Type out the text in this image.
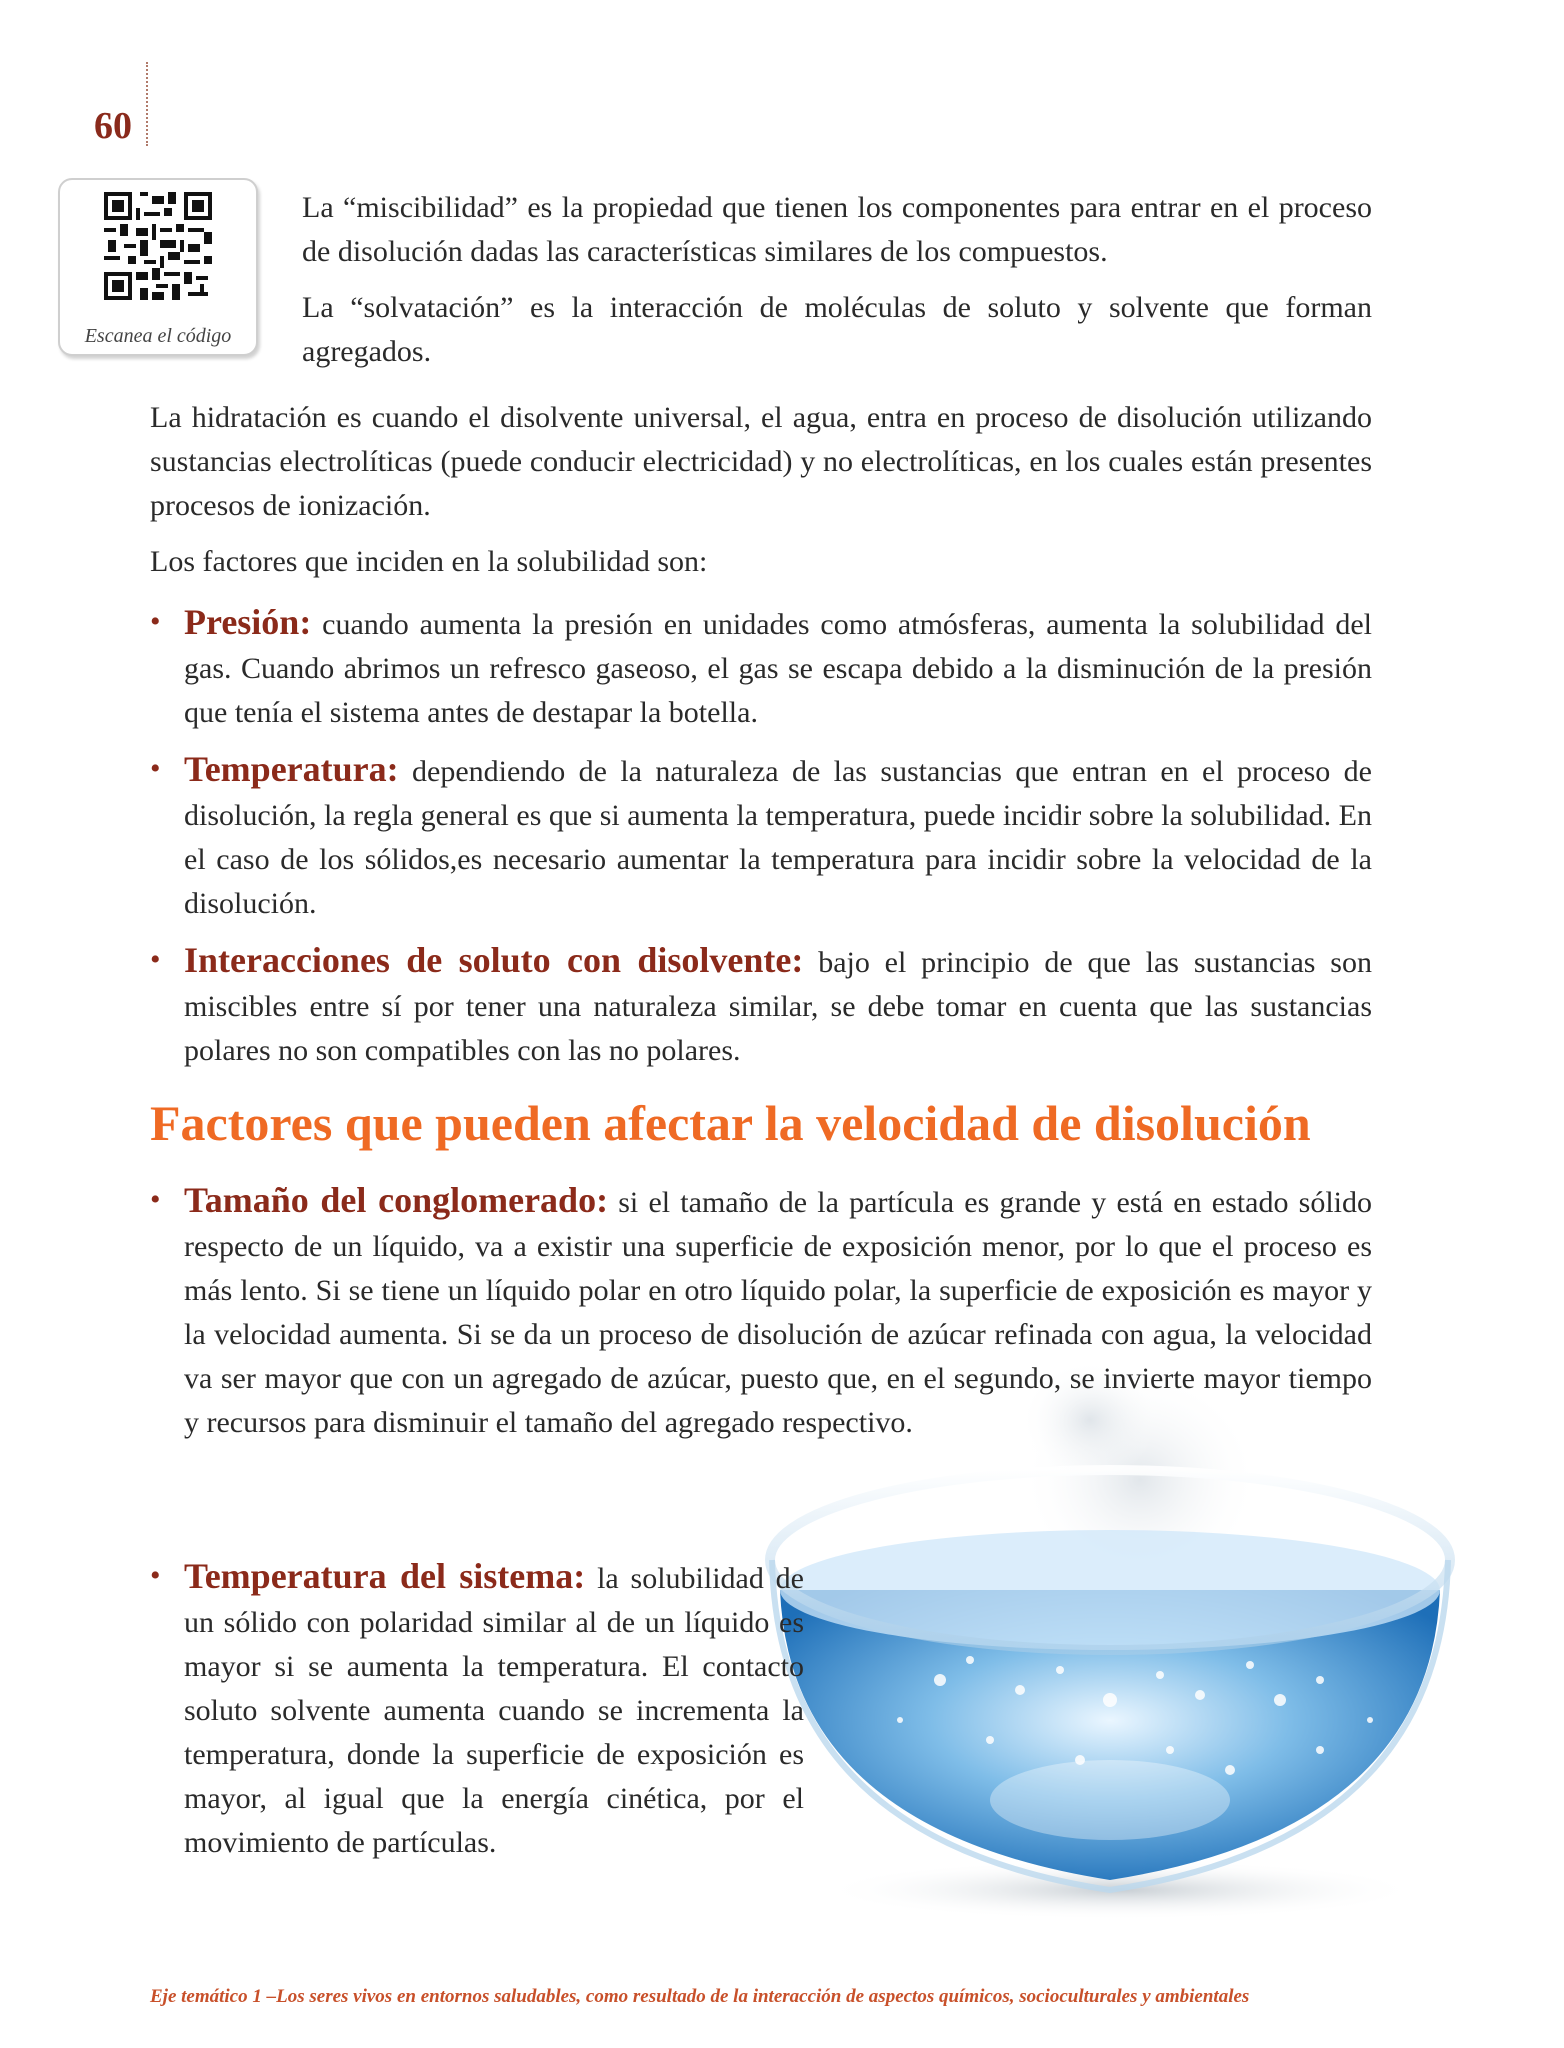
60
Escanea el código

La “miscibilidad” es la propiedad que tienen los componentes para entrar en el proceso de disolución dadas las características similares de los compuestos.

La “solvatación” es la interacción de moléculas de soluto y solvente que forman agregados.

La hidratación es cuando el disolvente universal, el agua, entra en proceso de disolución utilizando sustancias electrolíticas (puede conducir electricidad) y no electrolíticas, en los cuales están presentes procesos de ionización.

Los factores que inciden en la solubilidad son:

• Presión: cuando aumenta la presión en unidades como atmósferas, aumenta la solubilidad del gas. Cuando abrimos un refresco gaseoso, el gas se escapa debido a la disminución de la presión que tenía el sistema antes de destapar la botella.
• Temperatura: dependiendo de la naturaleza de las sustancias que entran en el proceso de disolución, la regla general es que si aumenta la temperatura, puede incidir sobre la solubilidad. En el caso de los sólidos,es necesario aumentar la temperatura para incidir sobre la velocidad de la disolución.
• Interacciones de soluto con disolvente: bajo el principio de que las sustancias son miscibles entre sí por tener una naturaleza similar, se debe tomar en cuenta que las sustancias polares no son compatibles con las no polares.
Factores que pueden afectar la velocidad de disolución
• Tamaño del conglomerado: si el tamaño de la partícula es grande y está en estado sólido respecto de un líquido, va a existir una superficie de exposición menor, por lo que el proceso es más lento. Si se tiene un líquido polar en otro líquido polar, la superficie de exposición es mayor y la velocidad aumenta. Si se da un proceso de disolución de azúcar refinada con agua, la velocidad va ser mayor que con un agregado de azúcar, puesto que, en el segundo, se invierte mayor tiempo y recursos para disminuir el tamaño del agregado respectivo.
• Temperatura del sistema: la solubilidad de un sólido con polaridad similar al de un líquido es mayor si se aumenta la temperatura. El contacto soluto solvente aumenta cuando se incrementa la temperatura, donde la superficie de exposición es mayor, al igual que la energía cinética, por el movimiento de partículas.
Eje temático 1 –Los seres vivos en entornos saludables, como resultado de la interacción de aspectos químicos, socioculturales y ambientales
